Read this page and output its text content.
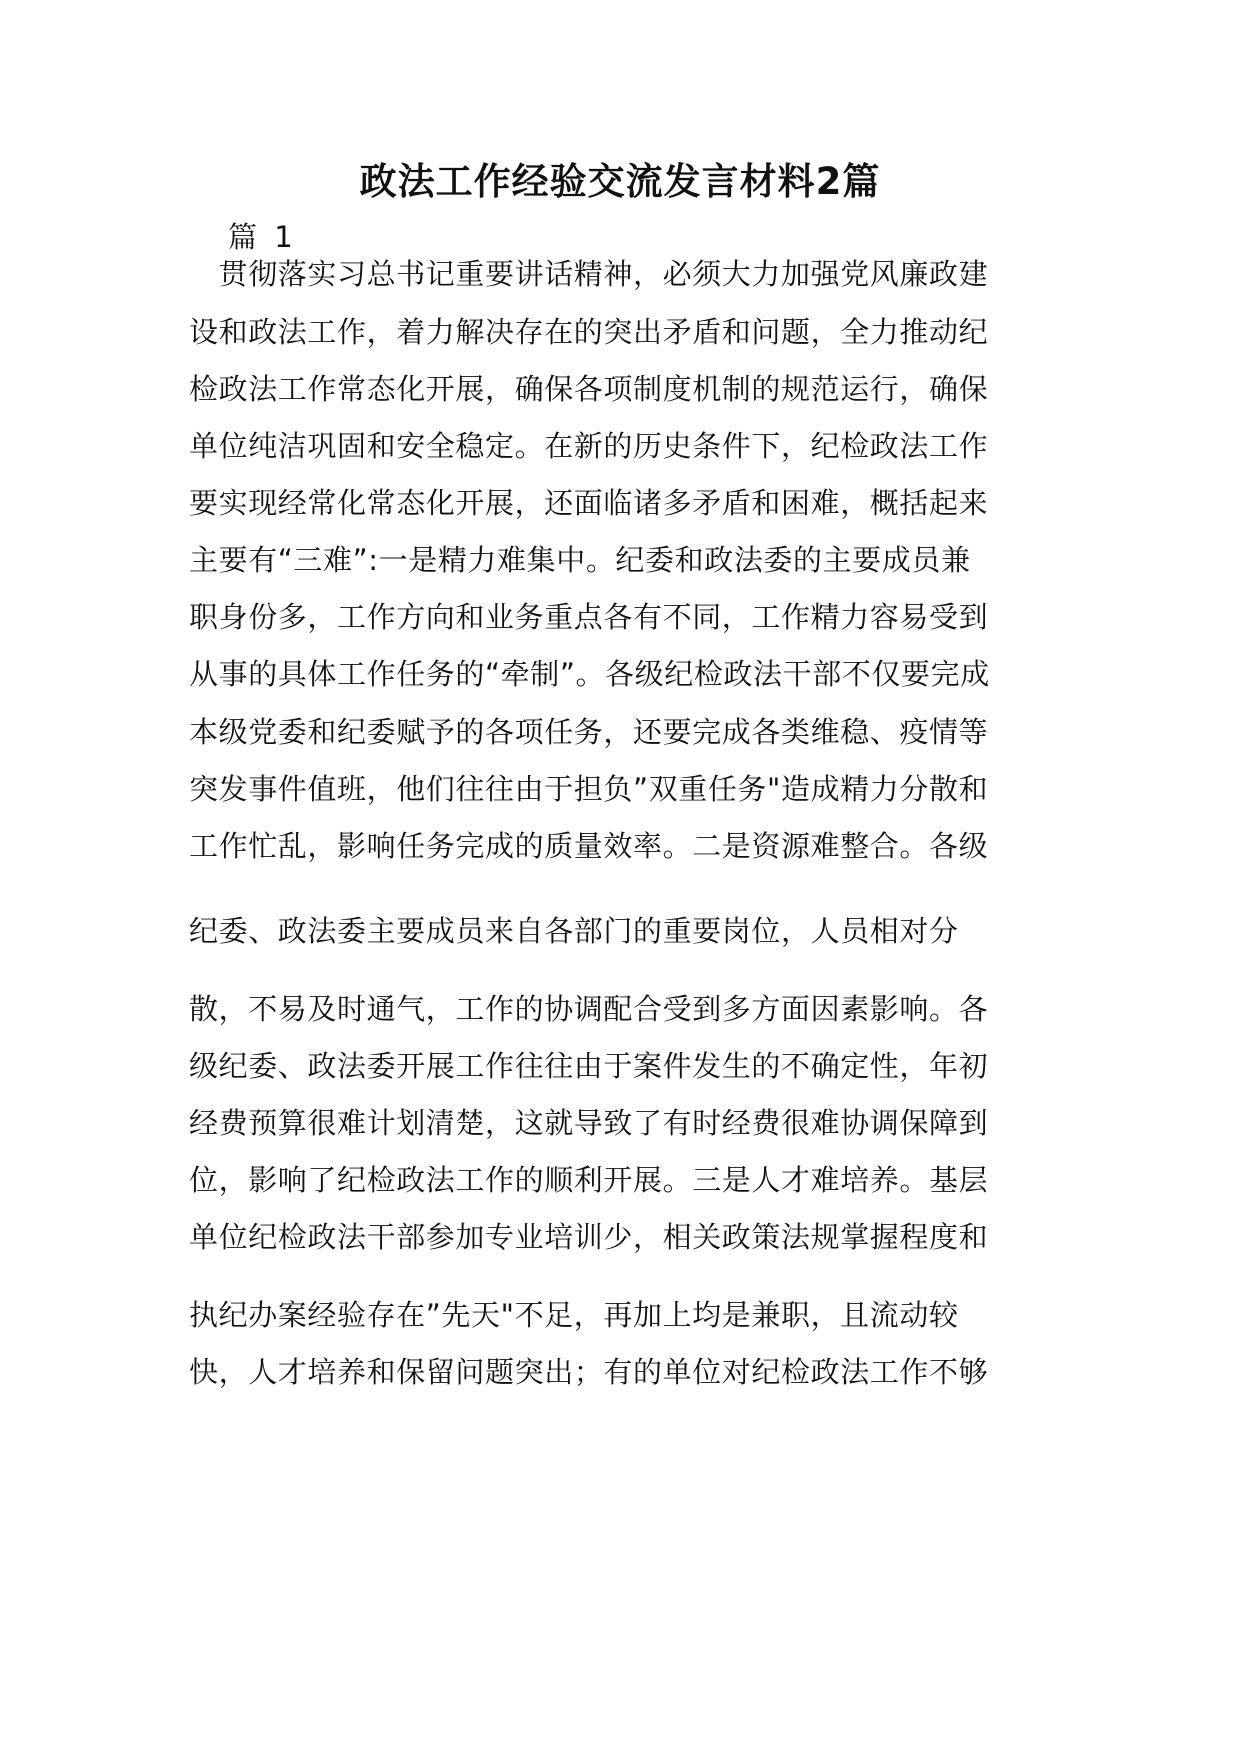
政法工作经验交流发言材料2篇
篇 1
　贯彻落实习总书记重要讲话精神，必须大力加强党风廉政建
设和政法工作，着力解决存在的突出矛盾和问题，全力推动纪
检政法工作常态化开展，确保各项制度机制的规范运行，确保
单位纯洁巩固和安全稳定。在新的历史条件下，纪检政法工作
要实现经常化常态化开展，还面临诸多矛盾和困难，概括起来
主要有“三难”:一是精力难集中。纪委和政法委的主要成员兼
职身份多，工作方向和业务重点各有不同，工作精力容易受到
从事的具体工作任务的“牵制”。各级纪检政法干部不仅要完成
本级党委和纪委赋予的各项任务，还要完成各类维稳、疫情等
突发事件值班，他们往往由于担负”双重任务"造成精力分散和
工作忙乱，影响任务完成的质量效率。二是资源难整合。各级
纪委、政法委主要成员来自各部门的重要岗位，人员相对分
散，不易及时通气，工作的协调配合受到多方面因素影响。各
级纪委、政法委开展工作往往由于案件发生的不确定性，年初
经费预算很难计划清楚，这就导致了有时经费很难协调保障到
位，影响了纪检政法工作的顺利开展。三是人才难培养。基层
单位纪检政法干部参加专业培训少，相关政策法规掌握程度和
执纪办案经验存在”先天"不足，再加上均是兼职，且流动较
快，人才培养和保留问题突出；有的单位对纪检政法工作不够
